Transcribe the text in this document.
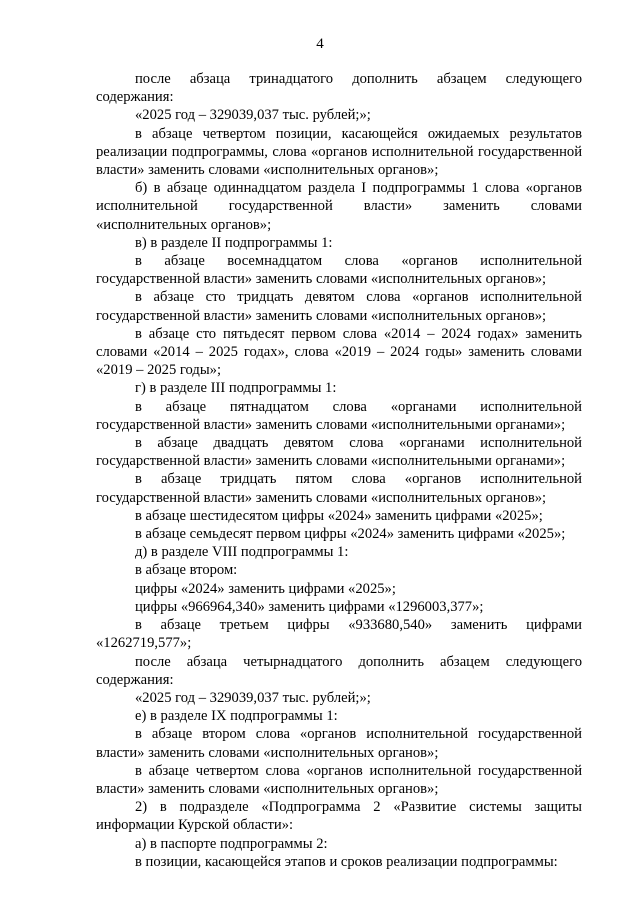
4

после абзаца тринадцатого дополнить абзацем следующего содержания:

«2025 год – 329039,037 тыс. рублей;»;

в абзаце четвертом позиции, касающейся ожидаемых результатов реализации подпрограммы, слова «органов исполнительной государственной власти» заменить словами «исполнительных органов»;

б) в абзаце одиннадцатом раздела I подпрограммы 1 слова «органов исполнительной государственной власти» заменить словами «исполнительных органов»;

в) в разделе II подпрограммы 1:

в абзаце восемнадцатом слова «органов исполнительной государственной власти» заменить словами «исполнительных органов»;

в абзаце сто тридцать девятом слова «органов исполнительной государственной власти» заменить словами «исполнительных органов»;

в абзаце сто пятьдесят первом слова «2014 – 2024 годах» заменить словами «2014 – 2025 годах», слова «2019 – 2024 годы» заменить словами «2019 – 2025 годы»;

г) в разделе III подпрограммы 1:

в абзаце пятнадцатом слова «органами исполнительной государственной власти» заменить словами «исполнительными органами»;

в абзаце двадцать девятом слова «органами исполнительной государственной власти» заменить словами «исполнительными органами»;

в абзаце тридцать пятом слова «органов исполнительной государственной власти» заменить словами «исполнительных органов»;

в абзаце шестидесятом цифры «2024» заменить цифрами «2025»;

в абзаце семьдесят первом цифры «2024» заменить цифрами «2025»;

д) в разделе VIII подпрограммы 1:

в абзаце втором:

цифры «2024» заменить цифрами «2025»;

цифры «966964,340» заменить цифрами «1296003,377»;

в абзаце третьем цифры «933680,540» заменить цифрами «1262719,577»;

после абзаца четырнадцатого дополнить абзацем следующего содержания:

«2025 год – 329039,037 тыс. рублей;»;

е) в разделе IX подпрограммы 1:

в абзаце втором слова «органов исполнительной государственной власти» заменить словами «исполнительных органов»;

в абзаце четвертом слова «органов исполнительной государственной власти» заменить словами «исполнительных органов»;

2) в подразделе «Подпрограмма 2 «Развитие системы защиты информации Курской области»:

а) в паспорте подпрограммы 2:

в позиции, касающейся этапов и сроков реализации подпрограммы:
